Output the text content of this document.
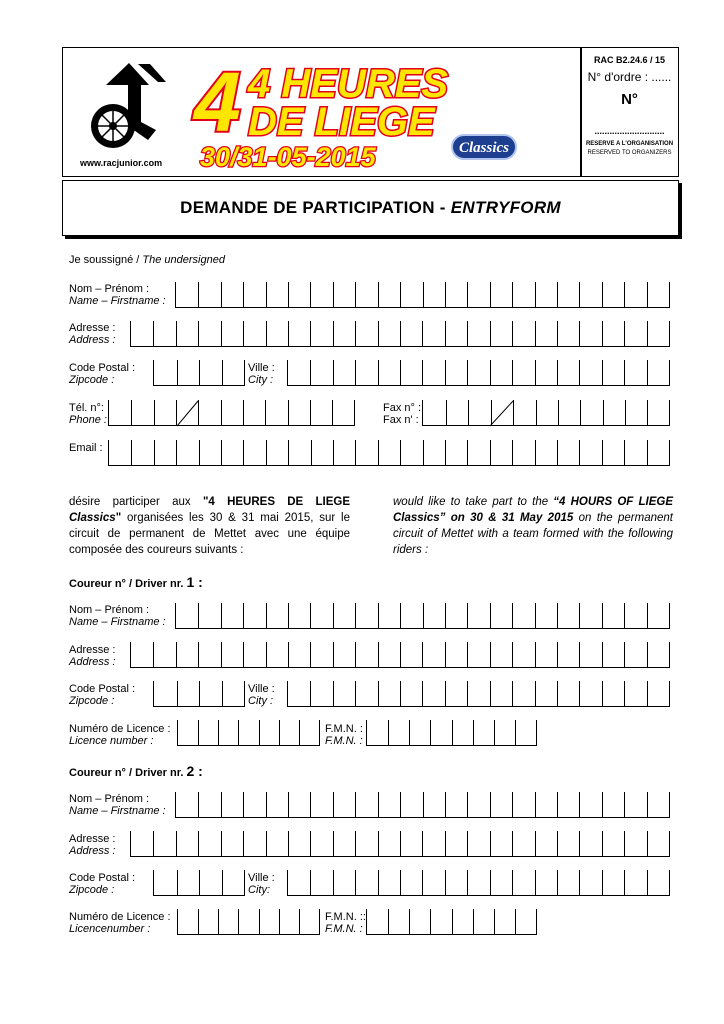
www.racjunior.com
4 4 HEURES
DE LIEGE
30/31-05-2015	Classics
RAC B2.24.6 / 15
N° d'ordre : ......
N°
............................
RESERVE A L'ORGANISATION
RESERVED TO ORGANIZERS
DEMANDE DE PARTICIPATION - ENTRYFORM
Je soussigné / The undersigned
Nom – Prénom :
Name – Firstname :
Adresse :
Address :
Code Postal :
Zipcode :
Ville :
City :
Tél. n°:
Phone :
Fax n° :
Fax n' :
Email :
désire participer aux "4 HEURES DE LIEGE Classics" organisées les 30 & 31 mai 2015, sur le circuit de permanent de Mettet avec une équipe composée des coureurs suivants :
would like to take part to the “4 HOURS OF LIEGE Classics” on 30 & 31 May 2015 on the permanent circuit of Mettet with a team formed with the following riders :
Coureur n° / Driver nr. 1 :
Nom – Prénom :
Name – Firstname :
Adresse :
Address :
Code Postal :
Zipcode :
Ville :
City :
Numéro de Licence :
Licence number :
F.M.N. :
F.M.N. :
Coureur n° / Driver nr. 2 :
Nom – Prénom :
Name – Firstname :
Adresse :
Address :
Code Postal :
Zipcode :
Ville :
City:
Numéro de Licence :
Licencenumber :
F.M.N. ::
F.M.N. :
